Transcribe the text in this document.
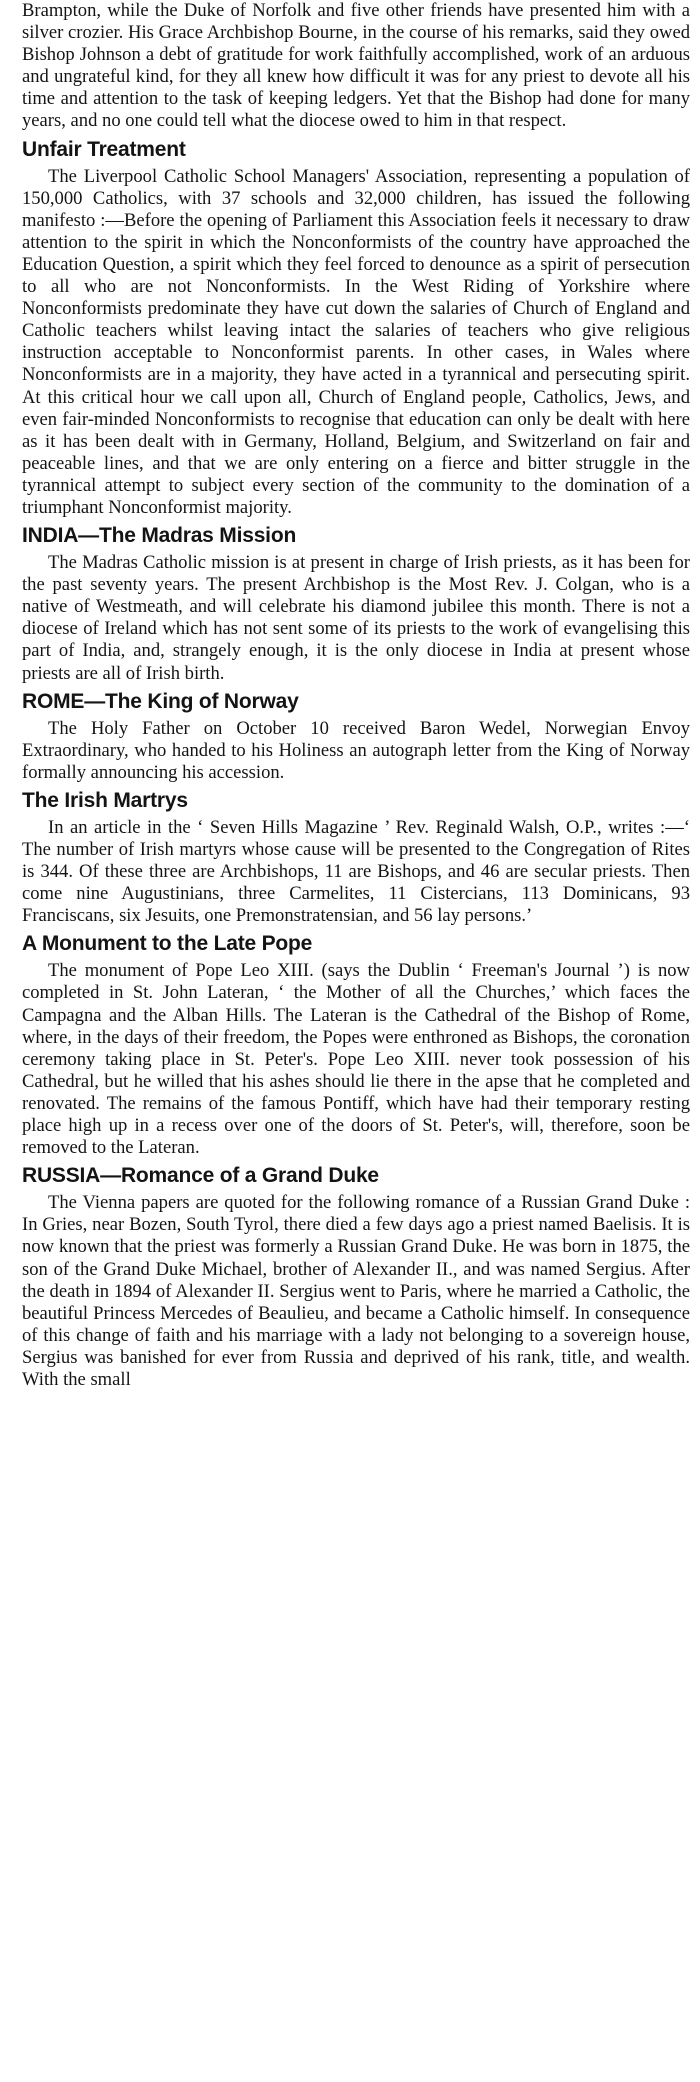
Brampton, while the Duke of Norfolk and five other friends have presented him with a silver crozier. His Grace Archbishop Bourne, in the course of his remarks, said they owed Bishop Johnson a debt of gratitude for work faithfully accomplished, work of an arduous and ungrateful kind, for they all knew how difficult it was for any priest to devote all his time and attention to the task of keeping ledgers. Yet that the Bishop had done for many years, and no one could tell what the diocese owed to him in that respect.

Unfair Treatment

The Liverpool Catholic School Managers' Association, representing a population of 150,000 Catholics, with 37 schools and 32,000 children, has issued the following manifesto :—Before the opening of Parliament this Association feels it necessary to draw attention to the spirit in which the Nonconformists of the country have approached the Education Question, a spirit which they feel forced to denounce as a spirit of persecution to all who are not Nonconformists. In the West Riding of Yorkshire where Nonconformists predominate they have cut down the salaries of Church of England and Catholic teachers whilst leaving intact the salaries of teachers who give religious instruction acceptable to Nonconformist parents. In other cases, in Wales where Nonconformists are in a majority, they have acted in a tyrannical and persecuting spirit. At this critical hour we call upon all, Church of England people, Catholics, Jews, and even fair-minded Nonconformists to recognise that education can only be dealt with here as it has been dealt with in Germany, Holland, Belgium, and Switzerland on fair and peaceable lines, and that we are only entering on a fierce and bitter struggle in the tyrannical attempt to subject every section of the community to the domination of a triumphant Nonconformist majority.

INDIA—The Madras Mission

The Madras Catholic mission is at present in charge of Irish priests, as it has been for the past seventy years. The present Archbishop is the Most Rev. J. Colgan, who is a native of Westmeath, and will celebrate his diamond jubilee this month. There is not a diocese of Ireland which has not sent some of its priests to the work of evangelising this part of India, and, strangely enough, it is the only diocese in India at present whose priests are all of Irish birth.

ROME—The King of Norway

The Holy Father on October 10 received Baron Wedel, Norwegian Envoy Extraordinary, who handed to his Holiness an autograph letter from the King of Norway formally announcing his accession.

The Irish Martrys

In an article in the ‘ Seven Hills Magazine ’ Rev. Reginald Walsh, O.P., writes :—‘ The number of Irish martyrs whose cause will be presented to the Congregation of Rites is 344. Of these three are Archbishops, 11 are Bishops, and 46 are secular priests. Then come nine Augustinians, three Carmelites, 11 Cistercians, 113 Dominicans, 93 Franciscans, six Jesuits, one Premonstratensian, and 56 lay persons.’

A Monument to the Late Pope

The monument of Pope Leo XIII. (says the Dublin ‘ Freeman's Journal ’) is now completed in St. John Lateran, ‘ the Mother of all the Churches,’ which faces the Campagna and the Alban Hills. The Lateran is the Cathedral of the Bishop of Rome, where, in the days of their freedom, the Popes were enthroned as Bishops, the coronation ceremony taking place in St. Peter's. Pope Leo XIII. never took possession of his Cathedral, but he willed that his ashes should lie there in the apse that he completed and renovated. The remains of the famous Pontiff, which have had their temporary resting place high up in a recess over one of the doors of St. Peter's, will, therefore, soon be removed to the Lateran.

RUSSIA—Romance of a Grand Duke

The Vienna papers are quoted for the following romance of a Russian Grand Duke : In Gries, near Bozen, South Tyrol, there died a few days ago a priest named Baelisis. It is now known that the priest was formerly a Russian Grand Duke. He was born in 1875, the son of the Grand Duke Michael, brother of Alexander II., and was named Sergius. After the death in 1894 of Alexander II. Sergius went to Paris, where he married a Catholic, the beautiful Princess Mercedes of Beaulieu, and became a Catholic himself. In consequence of this change of faith and his marriage with a lady not belonging to a sovereign house, Sergius was banished for ever from Russia and deprived of his rank, title, and wealth. With the small
